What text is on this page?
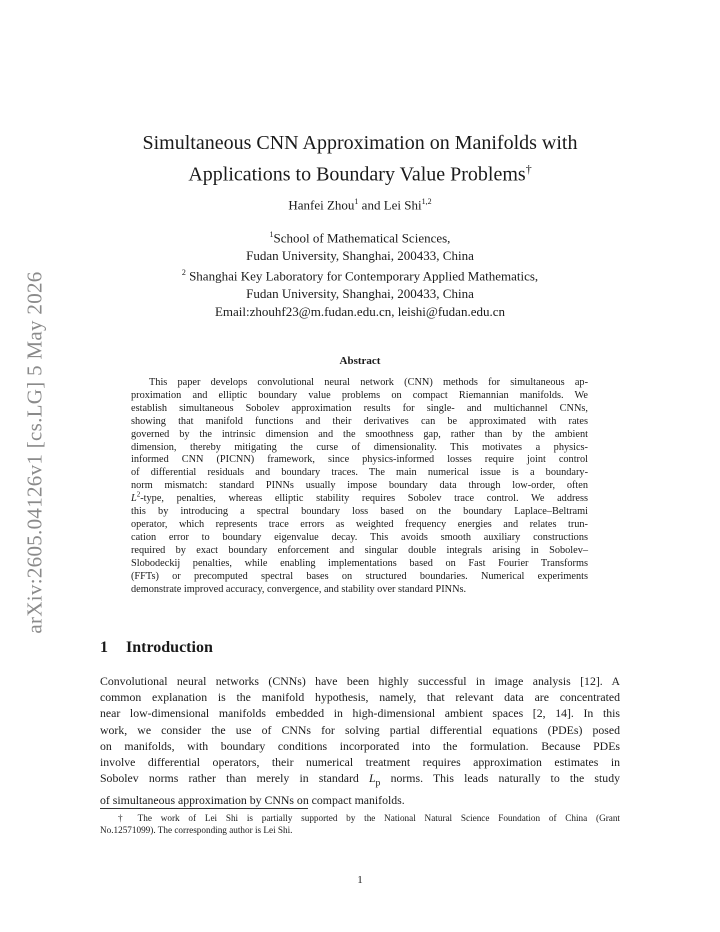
arXiv:2605.04126v1 [cs.LG] 5 May 2026
Simultaneous CNN Approximation on Manifolds with
Applications to Boundary Value Problems†
Hanfei Zhou$^1$ and Lei Shi$^{1,2}$
$^1$School of Mathematical Sciences,
Fudan University, Shanghai, 200433, China
$^2$ Shanghai Key Laboratory for Contemporary Applied Mathematics,
Fudan University, Shanghai, 200433, China
Email:zhouhf23@m.fudan.edu.cn, leishi@fudan.edu.cn
Abstract
This paper develops convolutional neural network (CNN) methods for simultaneous ap-
proximation and elliptic boundary value problems on compact Riemannian manifolds. We
establish simultaneous Sobolev approximation results for single- and multichannel CNNs,
showing that manifold functions and their derivatives can be approximated with rates
governed by the intrinsic dimension and the smoothness gap, rather than by the ambient
dimension, thereby mitigating the curse of dimensionality. This motivates a physics-
informed CNN (PICNN) framework, since physics-informed losses require joint control
of differential residuals and boundary traces. The main numerical issue is a boundary-
norm mismatch: standard PINNs usually impose boundary data through low-order, often
$L^2$-type, penalties, whereas elliptic stability requires Sobolev trace control. We address
this by introducing a spectral boundary loss based on the boundary Laplace–Beltrami
operator, which represents trace errors as weighted frequency energies and relates trun-
cation error to boundary eigenvalue decay. This avoids smooth auxiliary constructions
required by exact boundary enforcement and singular double integrals arising in Sobolev–
Slobodeckij penalties, while enabling implementations based on Fast Fourier Transforms
(FFTs) or precomputed spectral bases on structured boundaries. Numerical experiments
demonstrate improved accuracy, convergence, and stability over standard PINNs.
1 Introduction
Convolutional neural networks (CNNs) have been highly successful in image analysis [12]. A
common explanation is the manifold hypothesis, namely, that relevant data are concentrated
near low-dimensional manifolds embedded in high-dimensional ambient spaces [2, 14]. In this
work, we consider the use of CNNs for solving partial differential equations (PDEs) posed
on manifolds, with boundary conditions incorporated into the formulation. Because PDEs
involve differential operators, their numerical treatment requires approximation estimates in
Sobolev norms rather than merely in standard $L_p$ norms. This leads naturally to the study
of simultaneous approximation by CNNs on compact manifolds.
† The work of Lei Shi is partially supported by the National Natural Science Foundation of China (Grant
No.12571099). The corresponding author is Lei Shi.
1
